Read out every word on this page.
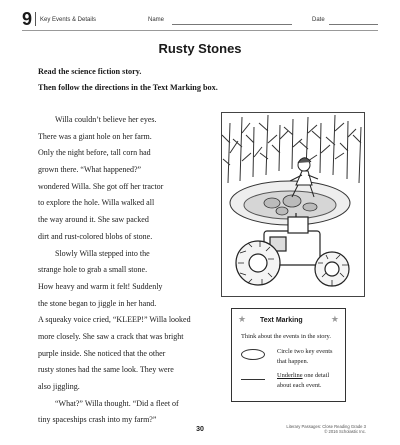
9 Key Events & Details	Name	Date
Rusty Stones
Read the science fiction story.
Then follow the directions in the Text Marking box.
Willa couldn’t believe her eyes.
There was a giant hole on her farm.
Only the night before, tall corn had
grown there. “What happened?”
wondered Willa. She got off her tractor
to explore the hole. Willa walked all
the way around it. She saw packed
dirt and rust-colored blobs of stone.
Slowly Willa stepped into the
strange hole to grab a small stone.
How heavy and warm it felt! Suddenly
the stone began to jiggle in her hand.
A squeaky voice cried, “KLEEP!” Willa looked
more closely. She saw a crack that was bright
purple inside. She noticed that the other
rusty stones had the same look. They were
also jiggling.
“What?” Willa thought. “Did a fleet of
tiny spaceships crash into my farm?”
★ Text Marking	★
Think about the events in the story.
Circle two key events that happen.
Underline one detail about each event.
30	Literary Passages: Close Reading Grade 3
© 2016 Scholastic Inc.
